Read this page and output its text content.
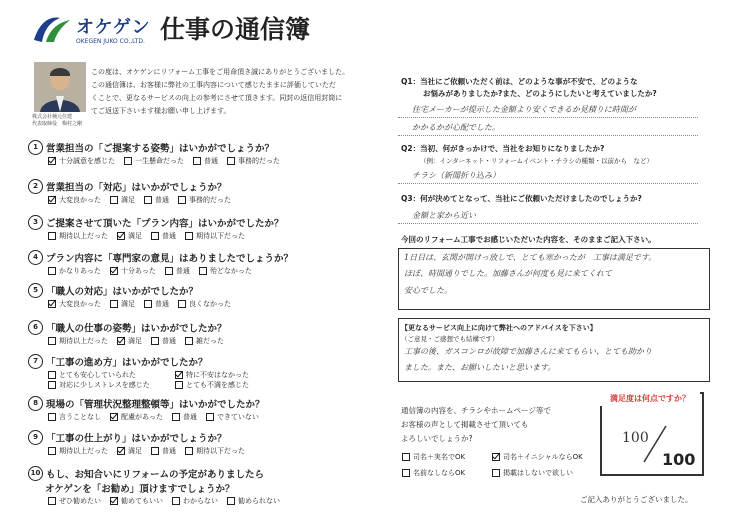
オケゲン
OKEGEN JUKO CO.,LTD. 仕事の通信簿
株式会社桶元住建
代表取締役　梅村之剛
この度は、オケゲンにリフォーム工事をご用命頂き誠にありがとうございました。
この通信簿は、お客様に弊社の工事内容について感じたままに評価していただ
くことで、更なるサービスの向上の参考にさせて頂きます。同封の返信用封筒に
てご返送下さいます様お願い申し上げます。
1 営業担当の「ご提案する姿勢」はいかがでしょうか？
十分誠意を感じた	一生懸命だった	普通	事務的だった
2 営業担当の「対応」はいかがでしょうか？
大変良かった	満足	普通	事務的だった
3 ご提案させて頂いた「プラン内容」はいかがでしたか？
期待以上だった	満足	普通	期待以下だった
4 プラン内容に「専門家の意見」はありましたでしょうか？
かなりあった	十分あった	普通	殆どなかった
5 「職人の対応」はいかがでしたか？
大変良かった	満足	普通	良くなかった
6 「職人の仕事の姿勢」はいかがでしたか？
期待以上だった	満足	普通	雑だった
7 「工事の進め方」はいかがでしたか？
とても安心していられた	特に不安はなかった
対応に少しストレスを感じた	とても不満を感じた
8 現場の「管理状況整理整頓等」はいかがでしたか？
言うことなし	配慮があった	普通	できていない
9 「工事の仕上がり」はいかがでしょうか？
期待以上だった	満足	普通	期待以下だった
10 もし、お知合いにリフォームの予定がありましたら
オケゲンを「お勧め」頂けますでしょうか？
ぜひ勧めたい	勧めてもいい	わからない	勧められない
Q1：当社にご依頼いただく前は、どのような事が不安で、どのような
お悩みがありましたか?また、どのようにしたいと考えていましたか?
住宅メーカーが提示した金額より安くできるか見積りに時間が
かかるかが心配でした。
Q2：当初、何がきっかけで、当社をお知りになりましたか?
（例：インターネット・リフォームイベント・チラシの種類・以前から　など）
チラシ（新聞折り込み）
Q3：何が決めてとなって、当社にご依頼いただけましたのでしょうか?
金額と家から近い
今回のリフォーム工事でお感じいただいた内容を、そのままご記入下さい。
1日目は、玄関が開けっ放しで、とても寒かったが　工事は満足です。
ほぼ、時間通りでした。加藤さんが何度も見に来てくれて
安心でした。
【更なるサービス向上に向けて弊社へのアドバイスを下さい】
（ご意見・ご感想でも結構です）
工事の後、ガスコンロが故障で加藤さんに来てもらい、とても助かり
ました。また、お願いしたいと思います。
通信簿の内容を、チラシやホームページ等で
お客様の声として掲載させて頂いても
よろしいでしょうか?
司名＋実名でOK	司名＋イニシャルならOK
名前なしならOK	掲載はしないで欲しい
満足度は何点ですか？
100
100
ご記入ありがとうございました。
